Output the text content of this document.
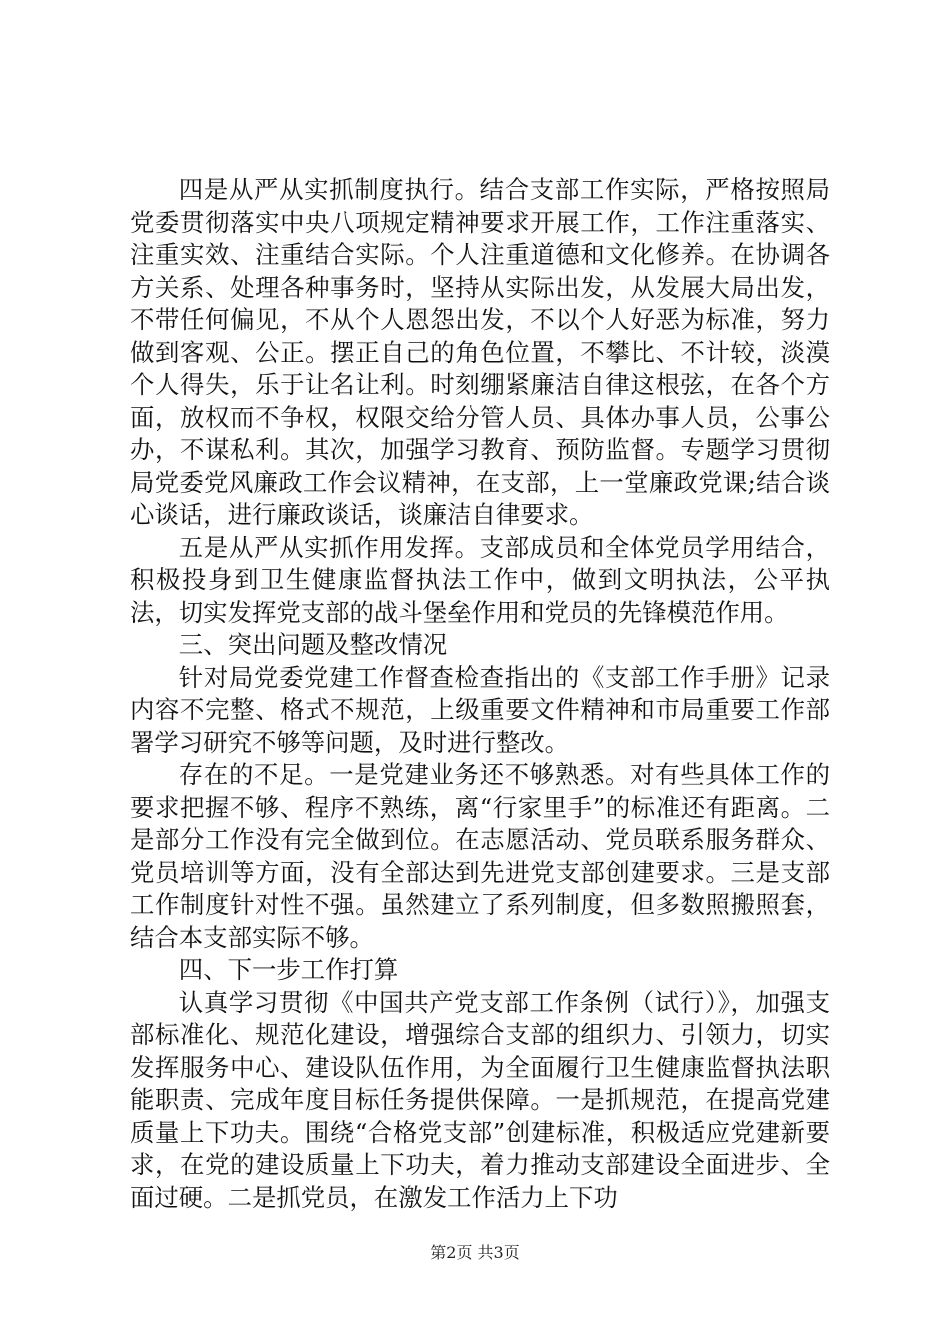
四是从严从实抓制度执行。结合支部工作实际，严格按照局党委贯彻落实中央八项规定精神要求开展工作，工作注重落实、注重实效、注重结合实际。个人注重道德和文化修养。在协调各方关系、处理各种事务时，坚持从实际出发，从发展大局出发，不带任何偏见，不从个人恩怨出发，不以个人好恶为标准，努力做到客观、公正。摆正自己的角色位置，不攀比、不计较，淡漠个人得失，乐于让名让利。时刻绷紧廉洁自律这根弦，在各个方面，放权而不争权，权限交给分管人员、具体办事人员，公事公办，不谋私利。其次，加强学习教育、预防监督。专题学习贯彻局党委党风廉政工作会议精神，在支部，上一堂廉政党课;结合谈心谈话，进行廉政谈话，谈廉洁自律要求。

五是从严从实抓作用发挥。支部成员和全体党员学用结合，积极投身到卫生健康监督执法工作中，做到文明执法，公平执法，切实发挥党支部的战斗堡垒作用和党员的先锋模范作用。

三、突出问题及整改情况

针对局党委党建工作督查检查指出的《支部工作手册》记录内容不完整、格式不规范，上级重要文件精神和市局重要工作部署学习研究不够等问题，及时进行整改。

存在的不足。一是党建业务还不够熟悉。对有些具体工作的要求把握不够、程序不熟练，离“行家里手”的标准还有距离。二是部分工作没有完全做到位。在志愿活动、党员联系服务群众、党员培训等方面，没有全部达到先进党支部创建要求。三是支部工作制度针对性不强。虽然建立了系列制度，但多数照搬照套，结合本支部实际不够。

四、下一步工作打算

认真学习贯彻《中国共产党支部工作条例（试行）》，加强支部标准化、规范化建设，增强综合支部的组织力、引领力，切实发挥服务中心、建设队伍作用，为全面履行卫生健康监督执法职能职责、完成年度目标任务提供保障。一是抓规范，在提高党建质量上下功夫。围绕“合格党支部”创建标准，积极适应党建新要求，在党的建设质量上下功夫，着力推动支部建设全面进步、全面过硬。二是抓党员，在激发工作活力上下功

第2页 共3页
